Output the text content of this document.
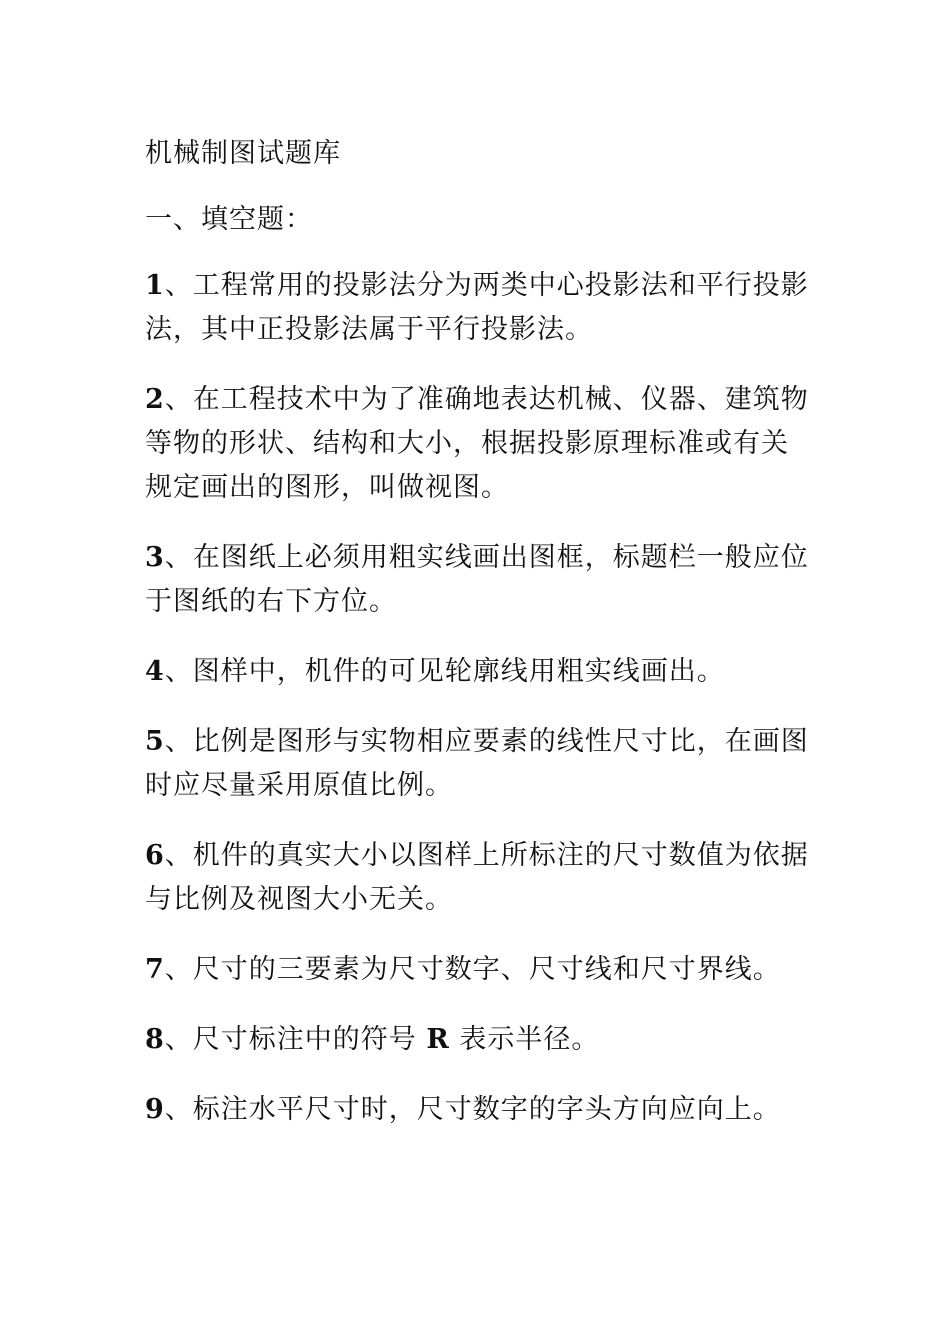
机械制图试题库
一、填空题：
1、工程常用的投影法分为两类中心投影法和平行投影法，其中正投影法属于平行投影法。
2、在工程技术中为了准确地表达机械、仪器、建筑物等物的形状、结构和大小，根据投影原理标准或有关规定画出的图形，叫做视图。
3、在图纸上必须用粗实线画出图框，标题栏一般应位于图纸的右下方位。
4、图样中，机件的可见轮廓线用粗实线画出。
5、比例是图形与实物相应要素的线性尺寸比，在画图时应尽量采用原值比例。
6、机件的真实大小以图样上所标注的尺寸数值为依据与比例及视图大小无关。
7、尺寸的三要素为尺寸数字、尺寸线和尺寸界线。
8、尺寸标注中的符号 R 表示半径。
9、标注水平尺寸时，尺寸数字的字头方向应向上。
